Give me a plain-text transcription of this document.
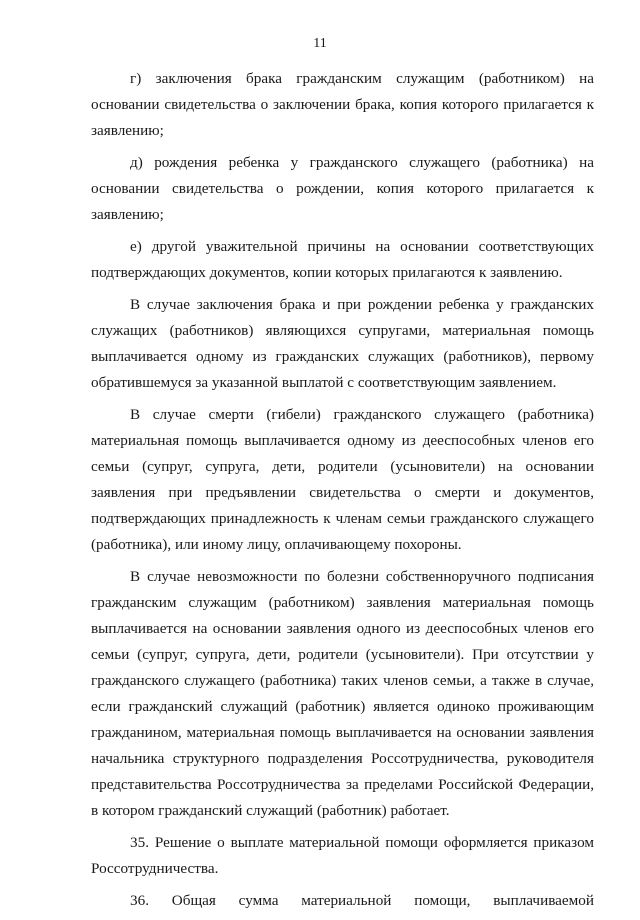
11

г) заключения брака гражданским служащим (работником) на основании свидетельства о заключении брака, копия которого прилагается к заявлению;

д) рождения ребенка у гражданского служащего (работника) на основании свидетельства о рождении, копия которого прилагается к заявлению;

е) другой уважительной причины на основании соответствующих подтверждающих документов, копии которых прилагаются к заявлению.

В случае заключения брака и при рождении ребенка у гражданских служащих (работников) являющихся супругами, материальная помощь выплачивается одному из гражданских служащих (работников), первому обратившемуся за указанной выплатой с соответствующим заявлением.

В случае смерти (гибели) гражданского служащего (работника) материальная помощь выплачивается одному из дееспособных членов его семьи (супруг, супруга, дети, родители (усыновители) на основании заявления при предъявлении свидетельства о смерти и документов, подтверждающих принадлежность к членам семьи гражданского служащего (работника), или иному лицу, оплачивающему похороны.

В случае невозможности по болезни собственноручного подписания гражданским служащим (работником) заявления материальная помощь выплачивается на основании заявления одного из дееспособных членов его семьи (супруг, супруга, дети, родители (усыновители). При отсутствии у гражданского служащего (работника) таких членов семьи, а также в случае, если гражданский служащий (работник) является одиноко проживающим гражданином, материальная помощь выплачивается на основании заявления начальника структурного подразделения Россотрудничества, руководителя представительства Россотрудничества за пределами Российской Федерации, в котором гражданский служащий (работник) работает.

35. Решение о выплате материальной помощи оформляется приказом Россотрудничества.

36. Общая сумма материальной помощи, выплачиваемой
